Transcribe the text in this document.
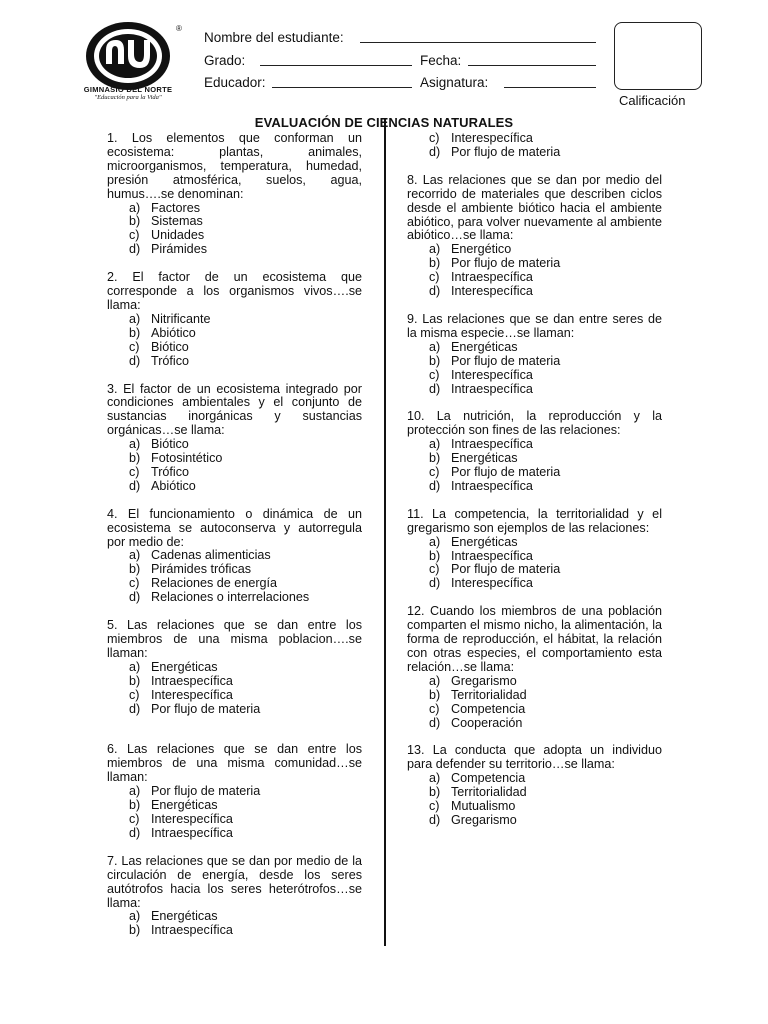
GIMNASIO DEL NORTE
"Educación para la Vida"
®
Nombre del estudiante:
Grado:	Fecha:
Educador:	Asignatura:
Calificación
EVALUACIÓN DE CIENCIAS NATURALES
1. Los elementos que conforman un ecosistema: plantas, animales, microorganismos, temperatura, humedad, presión atmosférica, suelos, agua, humus….se denominan:
a) Factores
b) Sistemas
c) Unidades
d) Pirámides
2. El factor de un ecosistema que corresponde a los organismos vivos….se llama:
a) Nitrificante
b) Abiótico
c) Biótico
d) Trófico
3. El factor de un ecosistema integrado por condiciones ambientales y el conjunto de sustancias inorgánicas y sustancias orgánicas…se llama:
a) Biótico
b) Fotosintético
c) Trófico
d) Abiótico
4. El funcionamiento o dinámica de un ecosistema se autoconserva y autorregula por medio de:
a) Cadenas alimenticias
b) Pirámides tróficas
c) Relaciones de energía
d) Relaciones o interrelaciones
5. Las relaciones que se dan entre los miembros de una misma poblacion….se llaman:
a) Energéticas
b) Intraespecífica
c) Interespecífica
d) Por flujo de materia
6. Las relaciones que se dan entre los miembros de una misma comunidad…se llaman:
a) Por flujo de materia
b) Energéticas
c) Interespecífica
d) Intraespecífica
7. Las relaciones que se dan por medio de la circulación de energía, desde los seres autótrofos hacia los seres heterótrofos…se llama:
a) Energéticas
b) Intraespecífica
c) Interespecífica
d) Por flujo de materia
8. Las relaciones que se dan por medio del recorrido de materiales que describen ciclos desde el ambiente biótico hacia el ambiente abiótico, para volver nuevamente al ambiente abiótico…se llama:
a) Energético
b) Por flujo de materia
c) Intraespecífica
d) Interespecífica
9. Las relaciones que se dan entre seres de la misma especie…se llaman:
a) Energéticas
b) Por flujo de materia
c) Interespecífica
d) Intraespecífica
10. La nutrición, la reproducción y la protección son fines de las relaciones:
a) Intraespecífica
b) Energéticas
c) Por flujo de materia
d) Intraespecífica
11. La competencia, la territorialidad y el gregarismo son ejemplos de las relaciones:
a) Energéticas
b) Intraespecífica
c) Por flujo de materia
d) Interespecífica
12. Cuando los miembros de una población comparten el mismo nicho, la alimentación, la forma de reproducción, el hábitat, la relación con otras especies, el comportamiento esta relación…se llama:
a) Gregarismo
b) Territorialidad
c) Competencia
d) Cooperación
13. La conducta que adopta un individuo para defender su territorio…se llama:
a) Competencia
b) Territorialidad
c) Mutualismo
d) Gregarismo
